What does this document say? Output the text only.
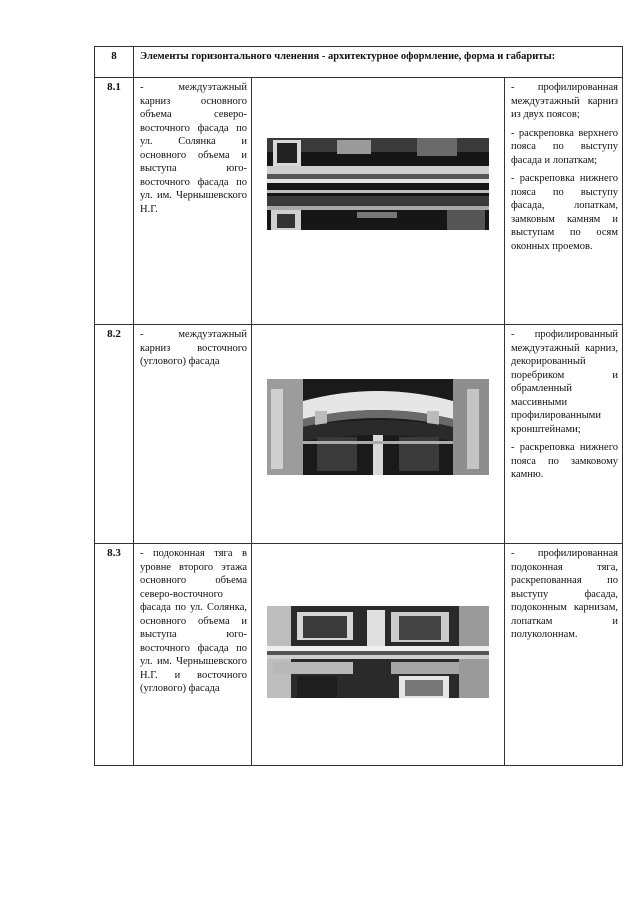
8	Элементы горизонтального членения - архитектурное оформление, форма и габариты:		

8.1	- междуэтажный карниз основного объема северо-восточного фасада по ул. Солянка и основного объема и выступа юго-восточного фасада по ул. им. Чернышевского Н.Г.		- профилированная междуэтажный карниз из двух поясов;

- раскреповка верхнего пояса по выступу фасада и лопаткам;

- раскреповка нижнего пояса по выступу фасада, лопаткам, замковым камням и выступам по осям оконных проемов.

8.2	- междуэтажный карниз восточного (углового) фасада		- профилированный междуэтажный карниз, декорированный поребриком и обрамленный массивными профилированными кронштейнами;

- раскреповка нижнего пояса по замковому камню.

8.3	- подоконная тяга в уровне второго этажа основного объема северо-восточного фасада по ул. Солянка, основного объема и выступа юго-восточного фасада по ул. им. Чернышевского Н.Г. и восточного (углового) фасада		- профилированная подоконная тяга, раскрепованная по выступу фасада, подоконным карнизам, лопаткам и полуколоннам.
